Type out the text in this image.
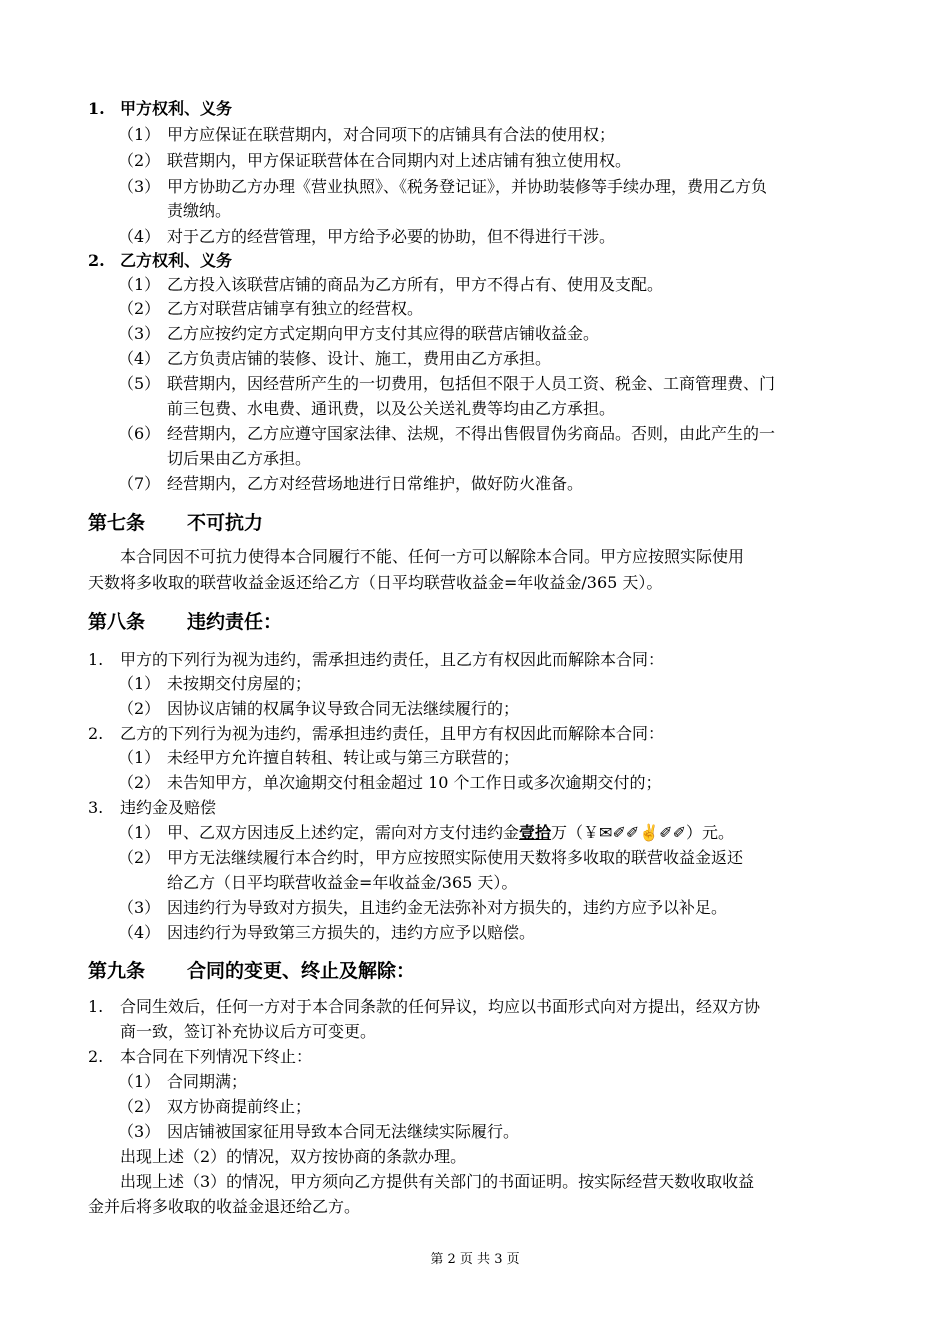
1. 甲方权利、义务
（1） 甲方应保证在联营期内，对合同项下的店铺具有合法的使用权；
（2） 联营期内，甲方保证联营体在合同期内对上述店铺有独立使用权。
（3） 甲方协助乙方办理《营业执照》、《税务登记证》，并协助装修等手续办理，费用乙方负
责缴纳。
（4） 对于乙方的经营管理，甲方给予必要的协助，但不得进行干涉。
2. 乙方权利、义务
（1） 乙方投入该联营店铺的商品为乙方所有，甲方不得占有、使用及支配。
（2） 乙方对联营店铺享有独立的经营权。
（3） 乙方应按约定方式定期向甲方支付其应得的联营店铺收益金。
（4） 乙方负责店铺的装修、设计、施工，费用由乙方承担。
（5） 联营期内，因经营所产生的一切费用，包括但不限于人员工资、税金、工商管理费、门
前三包费、水电费、通讯费，以及公关送礼费等均由乙方承担。
（6） 经营期内，乙方应遵守国家法律、法规，不得出售假冒伪劣商品。否则，由此产生的一
切后果由乙方承担。
（7） 经营期内，乙方对经营场地进行日常维护，做好防火准备。
第七条 不可抗力
本合同因不可抗力使得本合同履行不能、任何一方可以解除本合同。甲方应按照实际使用
天数将多收取的联营收益金返还给乙方（日平均联营收益金=年收益金/365 天）。
第八条 违约责任：
1.	甲方的下列行为视为违约，需承担违约责任，且乙方有权因此而解除本合同：
（1） 未按期交付房屋的；
（2） 因协议店铺的权属争议导致合同无法继续履行的；
2.	乙方的下列行为视为违约，需承担违约责任，且甲方有权因此而解除本合同：
（1） 未经甲方允许擅自转租、转让或与第三方联营的；
（2） 未告知甲方，单次逾期交付租金超过 10 个工作日或多次逾期交付的；
3.	违约金及赔偿
（1） 甲、乙双方因违反上述约定，需向对方支付违约金壹拾万（￥✉✐✐✌✐✐）元。
（2） 甲方无法继续履行本合约时，甲方应按照实际使用天数将多收取的联营收益金返还
给乙方（日平均联营收益金=年收益金/365 天）。
（3） 因违约行为导致对方损失，且违约金无法弥补对方损失的，违约方应予以补足。
（4） 因违约行为导致第三方损失的，违约方应予以赔偿。
第九条 合同的变更、终止及解除：
1.	合同生效后，任何一方对于本合同条款的任何异议，均应以书面形式向对方提出，经双方协
商一致，签订补充协议后方可变更。
2.	本合同在下列情况下终止：
（1） 合同期满；
（2） 双方协商提前终止；
（3） 因店铺被国家征用导致本合同无法继续实际履行。
出现上述（2）的情况，双方按协商的条款办理。
出现上述（3）的情况，甲方须向乙方提供有关部门的书面证明。按实际经营天数收取收益
金并后将多收取的收益金退还给乙方。
第 2 页 共 3 页
